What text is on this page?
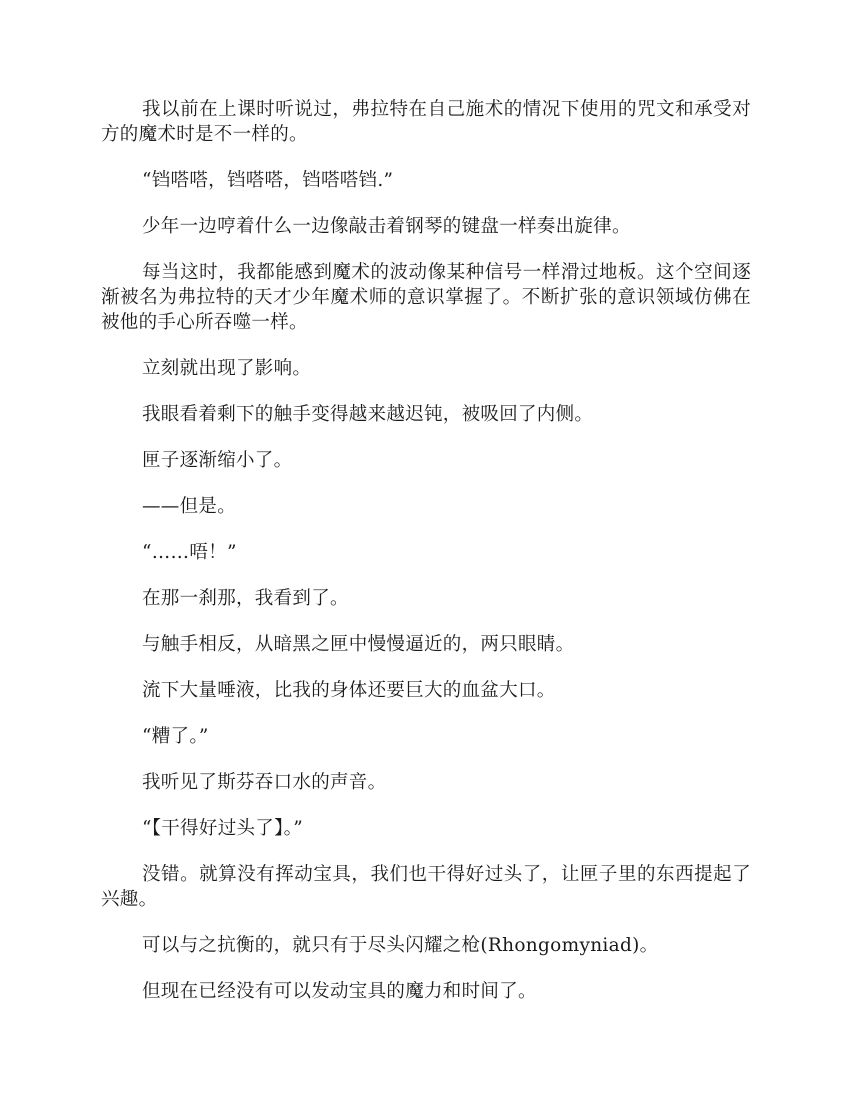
我以前在上课时听说过，弗拉特在自己施术的情况下使用的咒文和承受对方的魔术时是不一样的。

“铛嗒嗒，铛嗒嗒，铛嗒嗒铛.”

少年一边哼着什么一边像敲击着钢琴的键盘一样奏出旋律。

每当这时，我都能感到魔术的波动像某种信号一样滑过地板。这个空间逐渐被名为弗拉特的天才少年魔术师的意识掌握了。不断扩张的意识领域仿佛在被他的手心所吞噬一样。

立刻就出现了影响。

我眼看着剩下的触手变得越来越迟钝，被吸回了内侧。

匣子逐渐缩小了。

——但是。

“……唔！”

在那一刹那，我看到了。

与触手相反，从暗黑之匣中慢慢逼近的，两只眼睛。

流下大量唾液，比我的身体还要巨大的血盆大口。

“糟了。”

我听见了斯芬吞口水的声音。

“【干得好过头了】。”

没错。就算没有挥动宝具，我们也干得好过头了，让匣子里的东西提起了兴趣。

可以与之抗衡的，就只有于尽头闪耀之枪(Rhongomyniad)。

但现在已经没有可以发动宝具的魔力和时间了。
